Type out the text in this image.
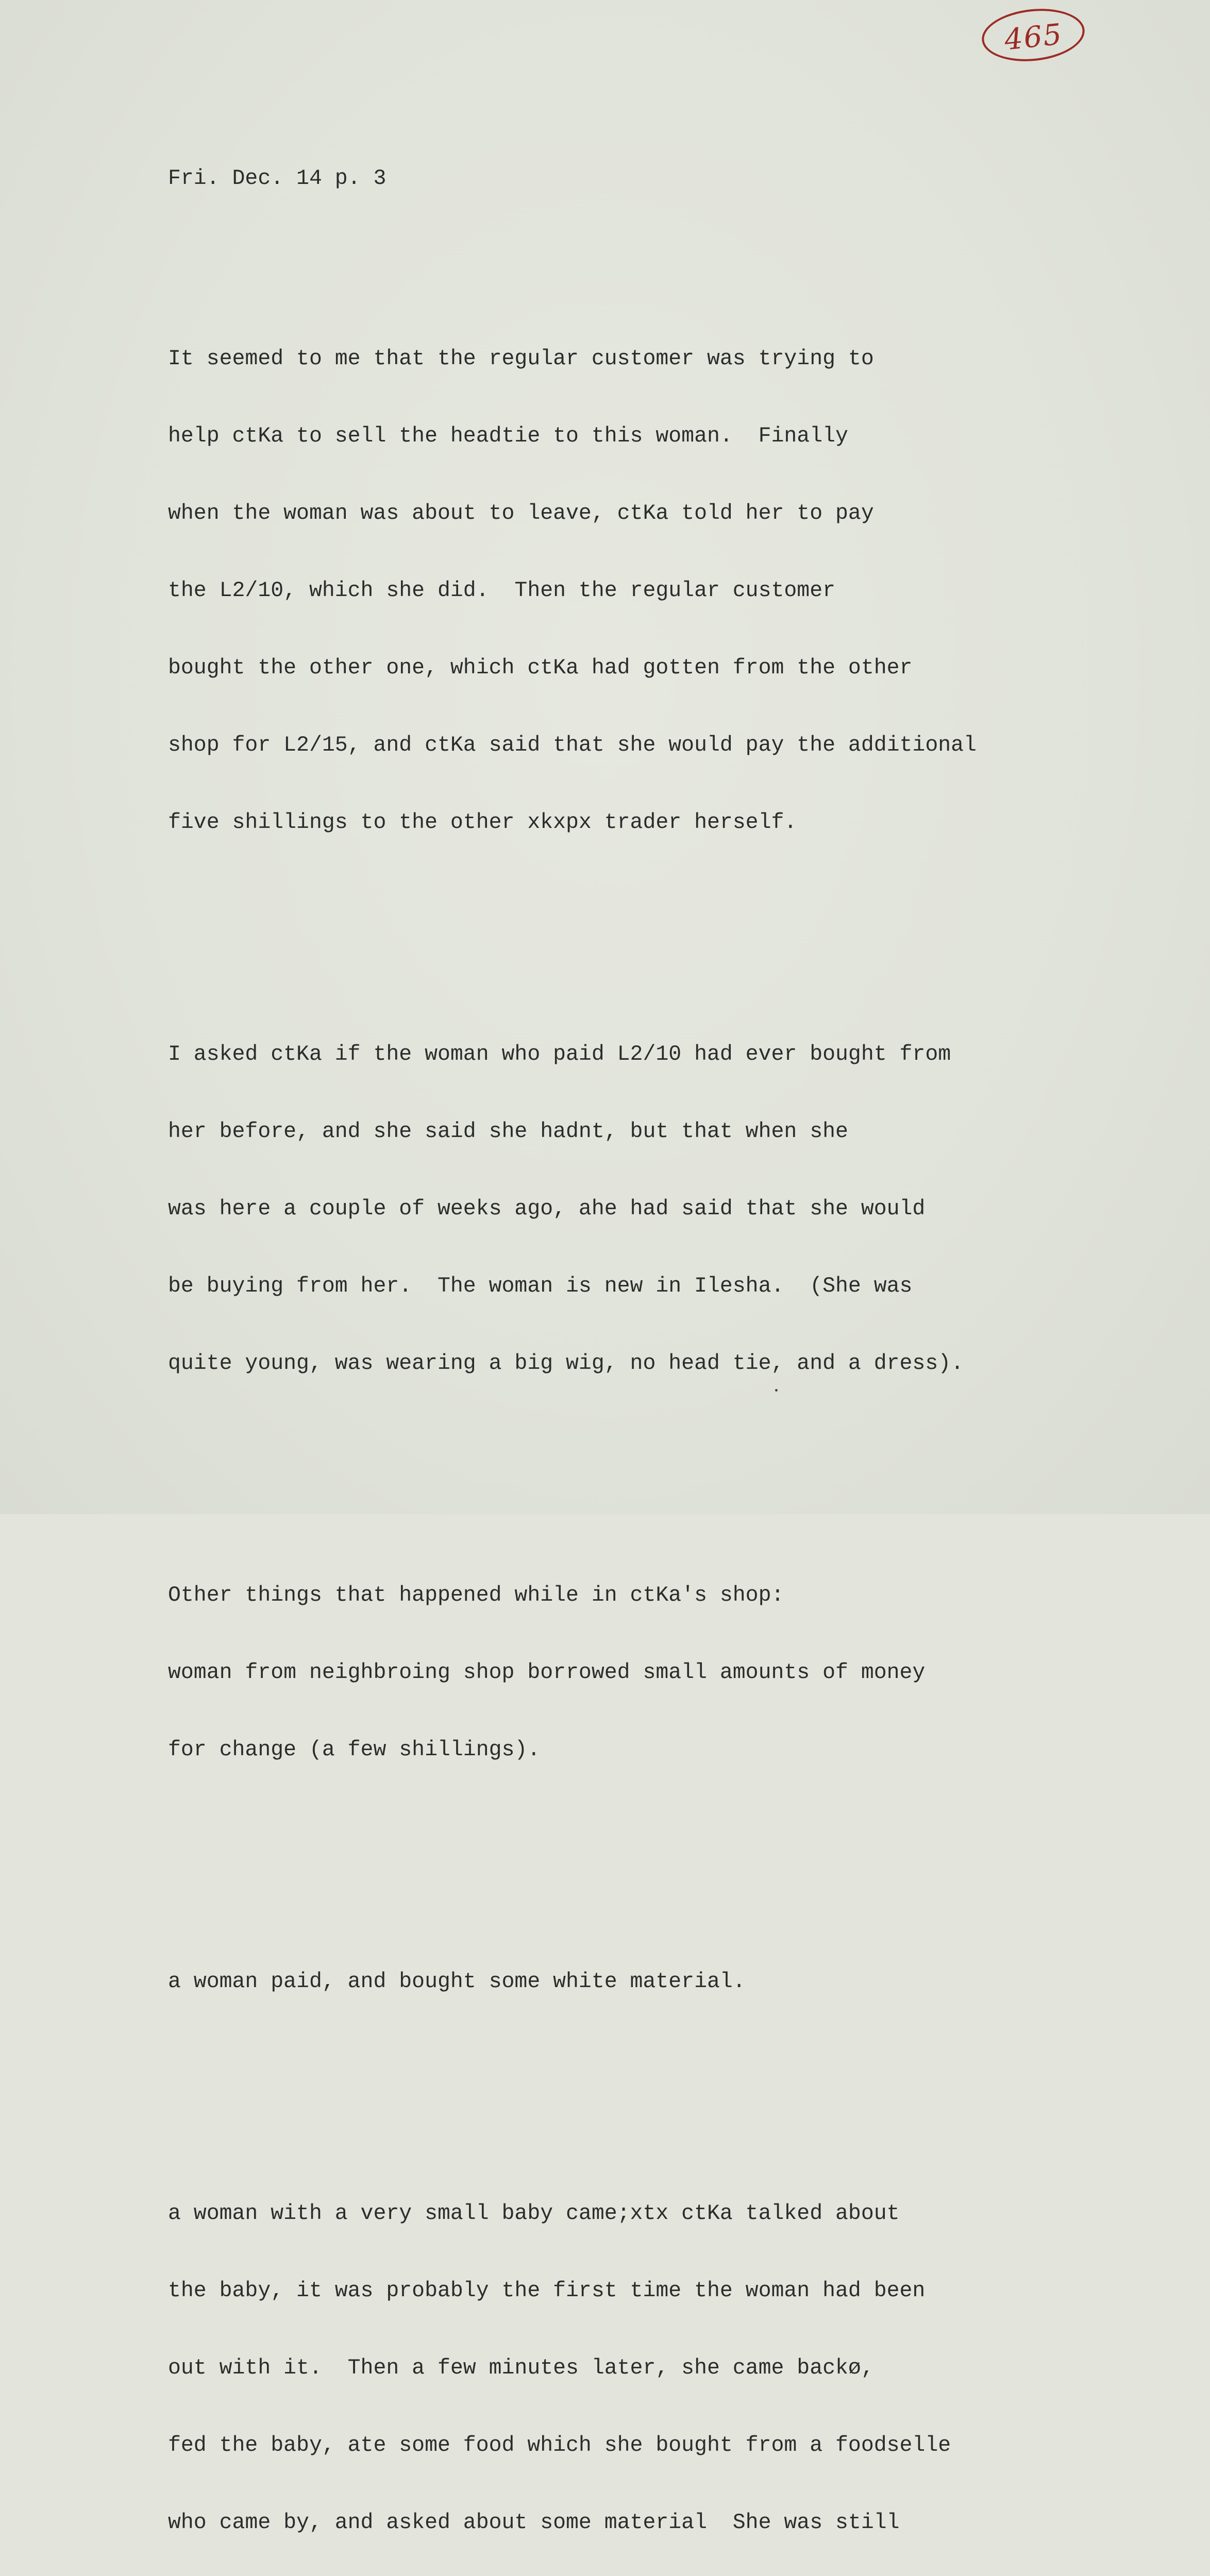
465

Fri. Dec. 14 p. 3

It seemed to me that the regular customer was trying to

help ctKa to sell the headtie to this woman.  Finally

when the woman was about to leave, ctKa told her to pay

the L2/10, which she did.  Then the regular customer

bought the other one, which ctKa had gotten from the other

shop for L2/15, and ctKa said that she would pay the additional

five shillings to the other xkxpx trader herself.

I asked ctKa if the woman who paid L2/10 had ever bought from

her before, and she said she hadnt, but that when she

was here a couple of weeks ago, ahe had said that she would

be buying from her.  The woman is new in Ilesha.  (She was

quite young, was wearing a big wig, no head tie, and a dress).

Other things that happened while in ctKa's shop:

woman from neighbroing shop borrowed small amounts of money

for change (a few shillings).

a woman paid, and bought some white material.

a woman with a very small baby came;xtx ctKa talked about

the baby, it was probably the first time the woman had been

out with it.  Then a few minutes later, she came backø,

fed the baby, ate some food which she bought from a foodselle

who came by, and asked about some material  She was still
